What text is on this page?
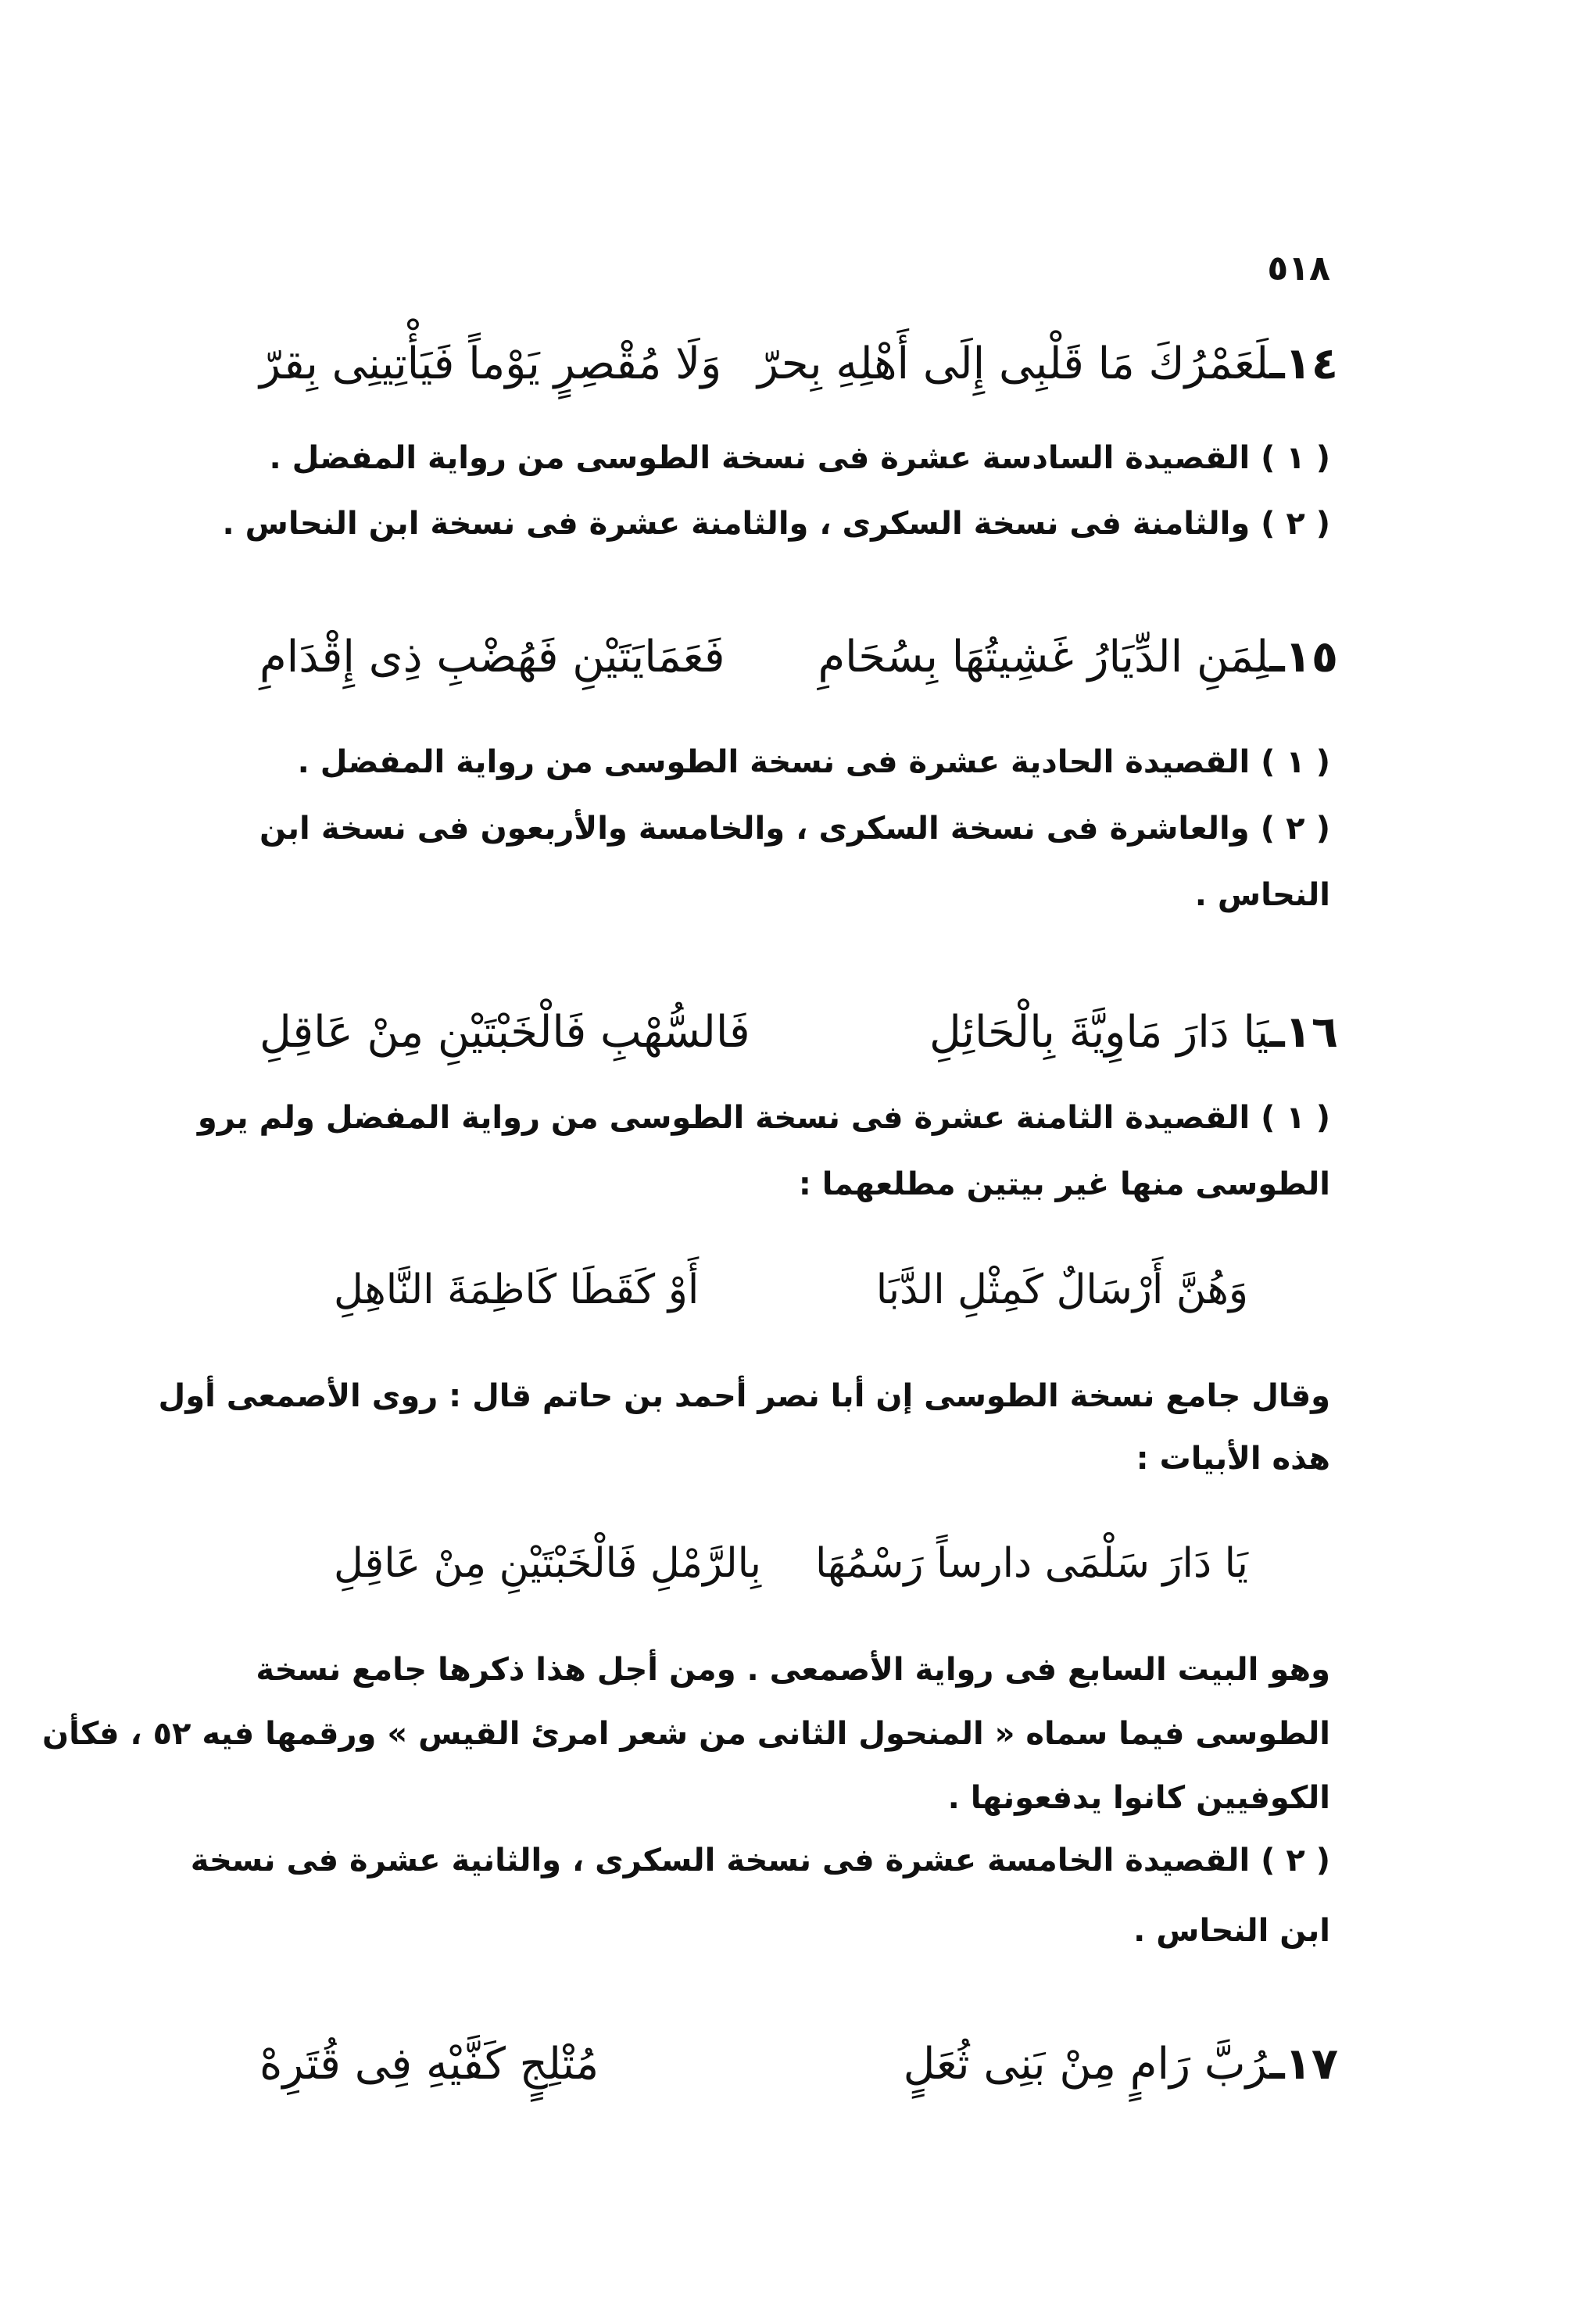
٥١٨
١٤ـلَعَمْرُكَ مَا قَلْبِى إِلَى أَهْلِهِ بِحرّ
وَلَا مُقْصِرٍ يَوْماً فَيَأْتِينِى بِقرّ
( ١ ) القصيدة السادسة عشرة فى نسخة الطوسى من رواية المفضل .
( ٢ ) والثامنة فى نسخة السكرى ، والثامنة عشرة فى نسخة ابن النحاس .
١٥ـلِمَنِ الدِّيَارُ غَشِيتُهَا بِسُحَامِ
فَعَمَايَتَيْنِ فَهُضْبِ ذِى إِقْدَامِ
( ١ ) القصيدة الحادية عشرة فى نسخة الطوسى من رواية المفضل .
( ٢ ) والعاشرة فى نسخة السكرى ، والخامسة والأربعون فى نسخة ابن
النحاس .
١٦ـيَا دَارَ مَاوِيَّةَ بِالْحَائِلِ
فَالسُّهْبِ فَالْخَبْتَيْنِ مِنْ عَاقِلِ
( ١ ) القصيدة الثامنة عشرة فى نسخة الطوسى من رواية المفضل ولم يرو
الطوسى منها غير بيتين مطلعهما :
وَهُنَّ أَرْسَالٌ كَمِثْلِ الدَّبَا
أَوْ كَقَطَا كَاظِمَةَ النَّاهِلِ
وقال جامع نسخة الطوسى إن أبا نصر أحمد بن حاتم قال : روى الأصمعى أول
هذه الأبيات :
يَا دَارَ سَلْمَى دارساً رَسْمُهَا
بِالرَّمْلِ فَالْخَبْتَيْنِ مِنْ عَاقِلِ
وهو البيت السابع فى رواية الأصمعى . ومن أجل هذا ذكرها جامع نسخة
الطوسى فيما سماه « المنحول الثانى من شعر امرئ القيس » ورقمها فيه ٥٢ ، فكأن
الكوفيين كانوا يدفعونها .
( ٢ ) القصيدة الخامسة عشرة فى نسخة السكرى ، والثانية عشرة فى نسخة
ابن النحاس .
١٧ـرُبَّ رَامٍ مِنْ بَنِى ثُعَلٍ
مُتْلِجٍ كَفَّيْهِ فِى قُتَرِهْ
